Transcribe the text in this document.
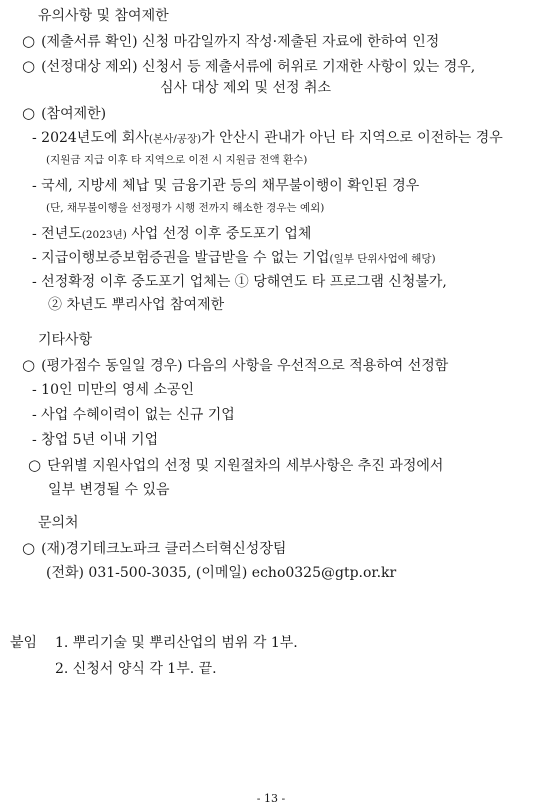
유의사항 및 참여제한
○ (제출서류 확인) 신청 마감일까지 작성·제출된 자료에 한하여 인정
○ (선정대상 제외) 신청서 등 제출서류에 허위로 기재한 사항이 있는 경우,
심사 대상 제외 및 선정 취소
○ (참여제한)
- 2024년도에 회사(본사/공장)가 안산시 관내가 아닌 타 지역으로 이전하는 경우
(지원금 지급 이후 타 지역으로 이전 시 지원금 전액 환수)
- 국세, 지방세 체납 및 금융기관 등의 채무불이행이 확인된 경우
(단, 채무불이행을 선정평가 시행 전까지 해소한 경우는 예외)
- 전년도(2023년) 사업 선정 이후 중도포기 업체
- 지급이행보증보험증권을 발급받을 수 없는 기업(일부 단위사업에 해당)
- 선정확정 이후 중도포기 업체는 ① 당해연도 타 프로그램 신청불가,
② 차년도 뿌리사업 참여제한
기타사항
○ (평가점수 동일일 경우) 다음의 사항을 우선적으로 적용하여 선정함
- 10인 미만의 영세 소공인
- 사업 수혜이력이 없는 신규 기업
- 창업 5년 이내 기업
○ 단위별 지원사업의 선정 및 지원절차의 세부사항은 추진 과정에서
일부 변경될 수 있음
문의처
○ (재)경기테크노파크 클러스터혁신성장팀
(전화) 031-500-3035, (이메일) echo0325@gtp.or.kr
붙임 1. 뿌리기술 및 뿌리산업의 범위 각 1부.
2. 신청서 양식 각 1부. 끝.
- 13 -
